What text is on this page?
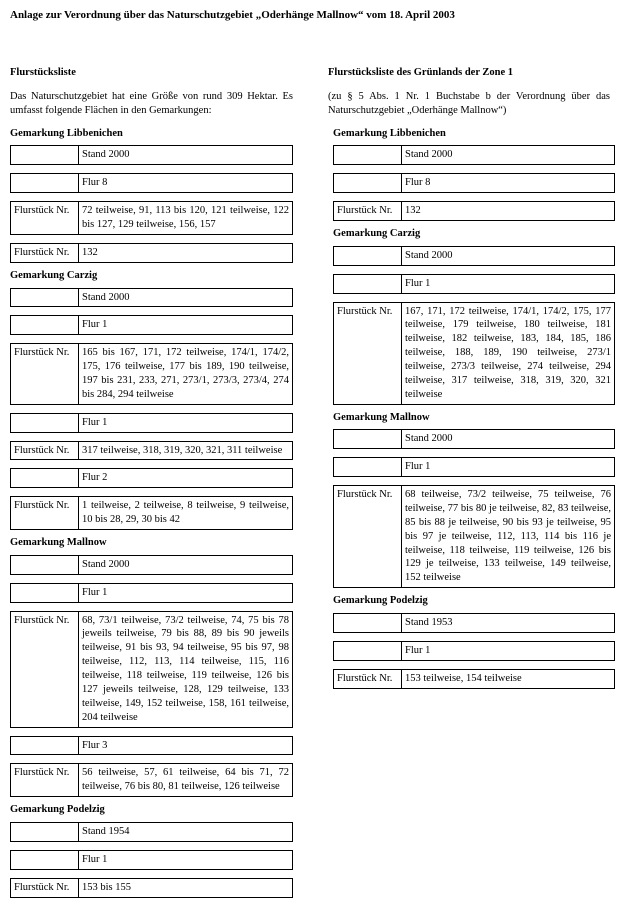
Anlage zur Verordnung über das Naturschutzgebiet „Oderhänge Mallnow“ vom 18. April 2003
Flurstücksliste

Das Naturschutzgebiet hat eine Größe von rund 309 Hektar. Es umfasst folgende Flächen in den Gemarkungen:

Gemarkung Libbenichen
	Stand 2000

	Flur 8

Flurstück Nr.	72 teilweise, 91, 113 bis 120, 121 teilweise, 122 bis 127, 129 teilweise, 156, 157

Flurstück Nr.	132
Gemarkung Carzig
	Stand 2000

	Flur 1

Flurstück Nr.	165 bis 167, 171, 172 teilweise, 174/1, 174/2, 175, 176 teilweise, 177 bis 189, 190 teilweise, 197 bis 231, 233, 271, 273/1, 273/3, 273/4, 274 bis 284, 294 teilweise

	Flur 1

Flurstück Nr.	317 teilweise, 318, 319, 320, 321, 311 teilweise

	Flur 2

Flurstück Nr.	1 teilweise, 2 teilweise, 8 teilweise, 9 teilweise, 10 bis 28, 29, 30 bis 42
Gemarkung Mallnow
	Stand 2000

	Flur 1

Flurstück Nr.	68, 73/1 teilweise, 73/2 teilweise, 74, 75 bis 78 jeweils teilweise, 79 bis 88, 89 bis 90 jeweils teilweise, 91 bis 93, 94 teilweise, 95 bis 97, 98 teilweise, 112, 113, 114 teilweise, 115, 116 teilweise, 118 teilweise, 119 teilweise, 126 bis 127 jeweils teilweise, 128, 129 teilweise, 133 teilweise, 149, 152 teilweise, 158, 161 teilweise, 204 teilweise

	Flur 3

Flurstück Nr.	56 teilweise, 57, 61 teilweise, 64 bis 71, 72 teilweise, 76 bis 80, 81 teilweise, 126 teilweise
Gemarkung Podelzig
	Stand 1954

	Flur 1

Flurstück Nr.	153 bis 155
Flurstücksliste des Grünlands der Zone 1

(zu § 5 Abs. 1 Nr. 1 Buchstabe b der Verordnung über das Naturschutzgebiet „Oderhänge Mallnow“)

Gemarkung Libbenichen
	Stand 2000

	Flur 8

Flurstück Nr.	132
Gemarkung Carzig
	Stand 2000

	Flur 1

Flurstück Nr.	167, 171, 172 teilweise, 174/1, 174/2, 175, 177 teilweise, 179 teilweise, 180 teilweise, 181 teilweise, 182 teilweise, 183, 184, 185, 186 teilweise, 188, 189, 190 teilweise, 273/1 teilweise, 273/3 teilweise, 274 teilweise, 294 teilweise, 317 teilweise, 318, 319, 320, 321 teilweise
Gemarkung Mallnow
	Stand 2000

	Flur 1

Flurstück Nr.	68 teilweise, 73/2 teilweise, 75 teilweise, 76 teilweise, 77 bis 80 je teilweise, 82, 83 teilweise, 85 bis 88 je teilweise, 90 bis 93 je teilweise, 95 bis 97 je teilweise, 112, 113, 114 bis 116 je teilweise, 118 teilweise, 119 teilweise, 126 bis 129 je teilweise, 133 teilweise, 149 teilweise, 152 teilweise
Gemarkung Podelzig
	Stand 1953

	Flur 1

Flurstück Nr.	153 teilweise, 154 teilweise
